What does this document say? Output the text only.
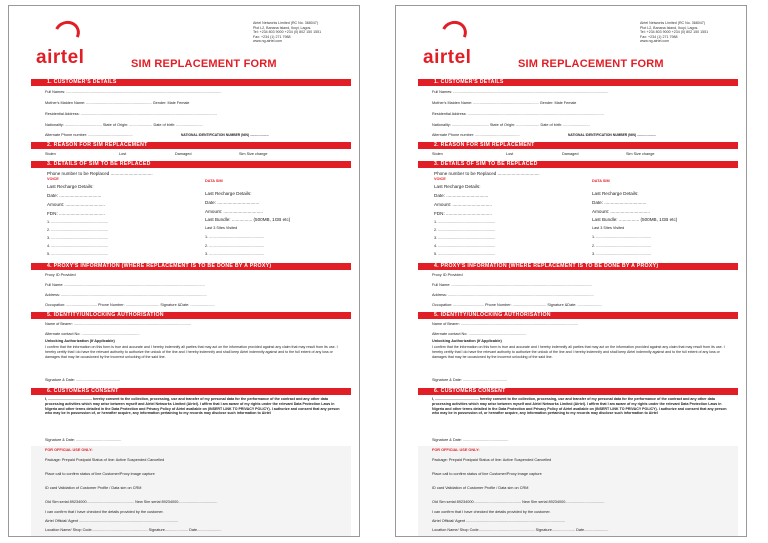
airtel
Airtel Networks Limited (RC No. 368047)
Plot L2, Banana Island, Ikoyi, Lagos.
Tel: +234 803 9000 +234 (0) 802 150 1551
Fax: +234 (1) 271 7988
www.ng.airtel.com
SIM REPLACEMENT FORM
1. CUSTOMER'S DETAILS
Full Names: ...................................................................................................................................................
Mother's Maiden Name: .............................................................. Gender: Male Female
Residential Address: .................................................................................................................................
Nationality: ................................... State of Origin: ...................... Date of birth: .........................
Alternate Phone number: ..........................................	NATIONAL IDENTIFICATION NUMBER (NIN) .....................
2. REASON FOR SIM REPLACEMENT
Stolen	Lost	Damaged	Sim Size change
3. DETAILS OF SIM TO BE REPLACED
Phone number to be Replaced .................................
VOICE	DATA SIM
Last Recharge Details:
Date: .................................
Amount: ...............................
FDN: ....................................
1. ......................................................
2. ......................................................
3. ......................................................
4. ......................................................
5. ......................................................
Last Recharge Details:
Date: .................................
Amount: ...............................
Last Bundle: ................ (500MB, 1GB etc)
Last 3 Sites Visited
1. ....................................................
2. ....................................................
3. ....................................................
4. PROXY'S INFORMATION (WHERE REPLACEMENT IS TO BE DONE BY A PROXY)
Proxy ID Provided
Full Name: .....................................................................................................................................
Address: ..........................................................................................................................................
Occupation: ............................. Phone Number: ................................ Signature &Date: .......................
5. IDENTITY/UNLOCKING AUTHORISATION
Name of Bearer: ...............................................................................................................
Alternate contact No: .......................................................
Unlocking Authorization (If Applicable)
I confirm that the information on this form is true and accurate and I hereby indemnify all parties that may act on the information provided against any claim that may result from its use. I hereby certify that I do have the relevant authority to authorize the unlock of the line and I hereby indemnify and shall keep Airtel indemnify against and to the full extent of any loss or damages that may be occasioned by the incorrect unlocking of the said line.
Signature & Date: ..........................................
6. CUSTOMERS CONSENT
I, ............................................ hereby consent to the collection, processing, use and transfer of my personal data for the performance of the contract and any other data processing activities which may arise between myself and Airtel Networks Limited (Airtel). I affirm that I am aware of my rights under the relevant Data Protection Laws in Nigeria and other terms detailed in the Data Protection and Privacy Policy of Airtel available on (INSERT LINK TO PRIVACY POLICY). I authorize and consent that any person who may be in possession of, or hereafter acquire, any information pertaining to my records may disclose such information to Airtel
Signature & Date: ...........................................
FOR OFFICIAL USE ONLY:
Package: Prepaid Postpaid Status of line: Active Suspended Cancelled
Place call to confirm status of line Customer/Proxy image capture
ID card Validation of Customer Profile / Data sim on CRM
Old Sim serial 89234000............................................. New Sim serial 89234000.....................................
I can confirm that I have checked the details provided by the customer.
Airtel Official/ Agent ..............................................................................................
Location Name/ Shop Code..................................................... Signature...................... Date.......................
airtel
Airtel Networks Limited (RC No. 368047)
Plot L2, Banana Island, Ikoyi, Lagos.
Tel: +234 803 9000 +234 (0) 802 150 1551
Fax: +234 (1) 271 7988
www.ng.airtel.com
SIM REPLACEMENT FORM
1. CUSTOMER'S DETAILS
Full Names: ...................................................................................................................................................
Mother's Maiden Name: .............................................................. Gender: Male Female
Residential Address: .................................................................................................................................
Nationality: ................................... State of Origin: ...................... Date of birth: .........................
Alternate Phone number: ..........................................	NATIONAL IDENTIFICATION NUMBER (NIN) .....................
2. REASON FOR SIM REPLACEMENT
Stolen	Lost	Damaged	Sim Size change
3. DETAILS OF SIM TO BE REPLACED
Phone number to be Replaced .................................
VOICE	DATA SIM
Last Recharge Details:
Date: .................................
Amount: ...............................
FDN: ....................................
1. ......................................................
2. ......................................................
3. ......................................................
4. ......................................................
5. ......................................................
Last Recharge Details:
Date: .................................
Amount: ...............................
Last Bundle: ................ (500MB, 1GB etc)
Last 3 Sites Visited
1. ....................................................
2. ....................................................
3. ....................................................
4. PROXY'S INFORMATION (WHERE REPLACEMENT IS TO BE DONE BY A PROXY)
Proxy ID Provided
Full Name: .....................................................................................................................................
Address: ..........................................................................................................................................
Occupation: ............................. Phone Number: ................................ Signature &Date: .......................
5. IDENTITY/UNLOCKING AUTHORISATION
Name of Bearer: ...............................................................................................................
Alternate contact No: .......................................................
Unlocking Authorization (If Applicable)
I confirm that the information on this form is true and accurate and I hereby indemnify all parties that may act on the information provided against any claim that may result from its use. I hereby certify that I do have the relevant authority to authorize the unlock of the line and I hereby indemnify and shall keep Airtel indemnify against and to the full extent of any loss or damages that may be occasioned by the incorrect unlocking of the said line.
Signature & Date: ..........................................
6. CUSTOMERS CONSENT
I, ............................................ hereby consent to the collection, processing, use and transfer of my personal data for the performance of the contract and any other data processing activities which may arise between myself and Airtel Networks Limited (Airtel). I affirm that I am aware of my rights under the relevant Data Protection Laws in Nigeria and other terms detailed in the Data Protection and Privacy Policy of Airtel available on (INSERT LINK TO PRIVACY POLICY). I authorize and consent that any person who may be in possession of, or hereafter acquire, any information pertaining to my records may disclose such information to Airtel
Signature & Date: ...........................................
FOR OFFICIAL USE ONLY:
Package: Prepaid Postpaid Status of line: Active Suspended Cancelled
Place call to confirm status of line Customer/Proxy image capture
ID card Validation of Customer Profile / Data sim on CRM
Old Sim serial 89234000............................................. New Sim serial 89234000.....................................
I can confirm that I have checked the details provided by the customer.
Airtel Official/ Agent ..............................................................................................
Location Name/ Shop Code..................................................... Signature...................... Date.......................
